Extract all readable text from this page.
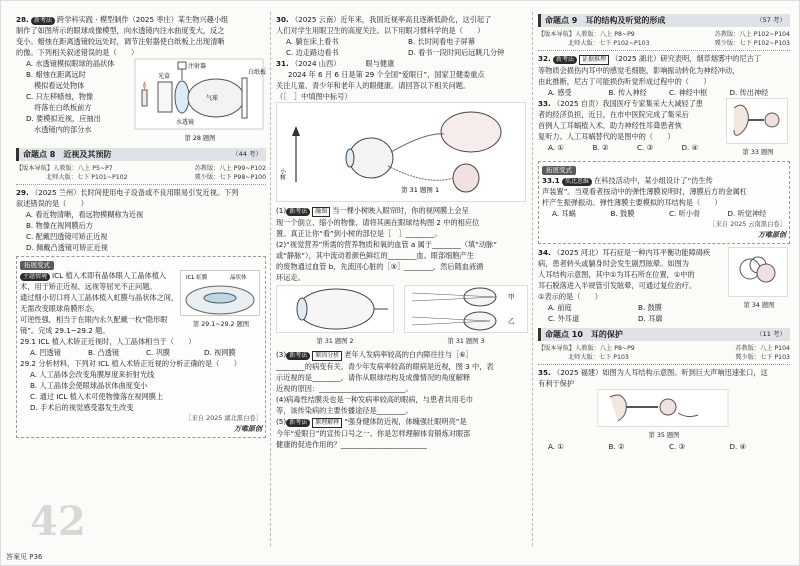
28. 新考法 跨学科实践 · 模型制作（2025 枣庄）某生物兴趣小组
制作了如图所示的眼球成像模型，向水透镜内注水曲度变大，反之
变小。蜡烛在距离透镜较远处时，调节注射器使白纸板上出现清晰
的像。下列相关叙述错误的是（　　）
A. 水透镜模拟眼球的晶状体
B. 蜡烛在距离远时
模拟看远处物体
C. 只左移蜡烛，物像
将落在白纸板前方
D. 要模拟近视，应抽出
水透镜内的部分水
注射器
光盒
水透镜
气球
白纸板
第 28 题图
命题点 8　近视及其预防	（44 考）
【版本导航】人教版：八上 P5~P7	苏教版：八上 P99~P102
北师大版：七下 P101~P102	冀少版：七下 P98~P100
29. （2025 兰州）长时间使用电子设备或不良用眼易引发近视。下列
叙述错误的是（　　）
A. 看近物清晰，看远物模糊称为近视
B. 物像在视网膜后方
C. 配戴凹透镜可矫正近视
D. 佩戴凸透镜可矫正近视
拓展变式
主题情境 ICL 植入术即有晶体眼人工晶体植入术，用于矫正近视、远视等屈光不正问题。
通过细小切口将人工晶体植入虹膜与晶状体之间，无需改变眼球角膜形态，
可逆性强，相当于在眼内永久配戴一枚“隐形眼镜”。完成 29.1~29.2 题。
ICL 虹膜	晶状体
第 29.1~29.2 题图
29.1 ICL 植入术矫正近视时，人工晶体相当于（　　）
A. 凹透镜	B. 凸透镜	C. 巩膜	D. 视网膜
29.2 分析材料，下列对 ICL 植入术矫正近视的分析正确的是（　　）
A. 人工晶体会改变角膜厚度来折射光线
B. 人工晶体会使眼球晶状体曲度变小
C. 通过 ICL 植入术可使物像落在视网膜上
D. 手术后的视觉感受器发生改变
［来自 2025 湖北黑白卷］
万唯原创
30. （2025 云南）近年来，我国近视率高且逐渐低龄化，这引起了
人们对学生用眼卫生的高度关注。以下用眼习惯科学的是（　　）
A. 躺在床上看书	B. 长时间看电子屏幕
C. 边走路边看书	D. 看书一段时间后远眺几分钟
31. （2024 山西）　　　　眼与健康
2024 年 6 月 6 日是第 29 个全国“爱眼日”，国家卫健委重点
关注儿童、青少年和老年人的眼健康。请回答以下相关问题。
（［　］中填图中标号）
小树
第 31 题图 1
(1) 新考法 融图 当一棵小树映入眼帘时，你的视网膜上会呈
现一个倒立、缩小的物像，请将其画在眼球结构图 2 中的相应位
置。真正让你“看”到小树的部位是［　］________。
(2)“视觉营养”所需的营养物质和氧的血管 a 属于________（填“动脉”
或“静脉”），其中流动着颜色鲜红的________血。眼部细胞产生
的废物通过血管 b，先流回心脏的［⑤］________，然后随血液循
环运走。
第 31 题图 2
甲
乙
第 31 题图 3
(3) 新考法 原因分析 老年人发病率较高的白内障往往与［⑥］
________的病变有关。青少年发病率较高的眼病是近视，图 3 中，表
示近视的是________。请你从眼球结构及成像情况的角度解释
近视的原因：________________________。
(4)病毒性结膜炎也是一种发病率较高的眼病，与患者共用毛巾
等，该传染病的主要传播途径是________。
(5) 新考法 原理解释 “强身健体防近视，体魄强壮眼明亮”是
今年“爱眼日”的宣传口号之一。你是怎样理解体育锻炼对眼部
健康的促进作用的？________________________
命题点 9　耳的结构及听觉的形成	（57 考）
【版本导航】人教版：八上 P8~P9	苏教版：八上 P102~P104
北师大版：七下 P102~P103	冀少版：七下 P102~P103
32. 新考法 证据推理 （2025 湖北）研究表明，烟草烟雾中的尼古丁
等物质会损伤内耳中的感觉毛细胞，影响振动转化为神经冲动，
由此推断，尼古丁可能损伤听觉形成过程中的（　　）
A. 感受	B. 传入神经	C. 神经中枢	D. 传出神经
33. （2025 自贡）我国医疗专家集采大大减轻了患
者的经济负担，近日，在市中医院完成了集采后
首例人工耳蜗植入术，助力神经性耳聋患者恢
复听力。人工耳蜗替代的是图中的（　　）
A. ①	B. ②	C. ③	D. ④
第 33 题图
拓展变式
33.1 奖比思维 在科技活动中，某小组设计了“仿生传
声装置”。当观看者按动中的弹性薄膜说明时，薄膜后方的金属杠
杆产生振弹振动。弹性薄膜主要模拟的耳结构是（　　）
A. 耳蜗	B. 鼓膜	C. 听小骨	D. 听觉神经
［来自 2025 云南黑白卷］
万唯原创
34. （2025 河北）耳石症是一种内耳平衡功能障碍疾
病，患者转头或躺身时会发生剧烈眩晕。如图为
人耳结构示意图，其中①为耳石所在位置，①中的
耳石脱落进入半规管引发眩晕，可通过复位治疗。
①表示的是（　　）
A. 前庭	B. 鼓膜
C. 外耳道	D. 耳廓
第 34 题图
命题点 10　耳的保护	（11 考）
【版本导航】人教版：八上 P8~P9	苏教版：八上 P104
北师大版：七下 P103	冀少版：七下 P103
35. （2025 福建）如图为人耳结构示意图。听到巨大声响迅速张口，这
有利于保护
第 35 题图
A. ①	B. ②	C. ③	D. ④
42
答案见 P36
